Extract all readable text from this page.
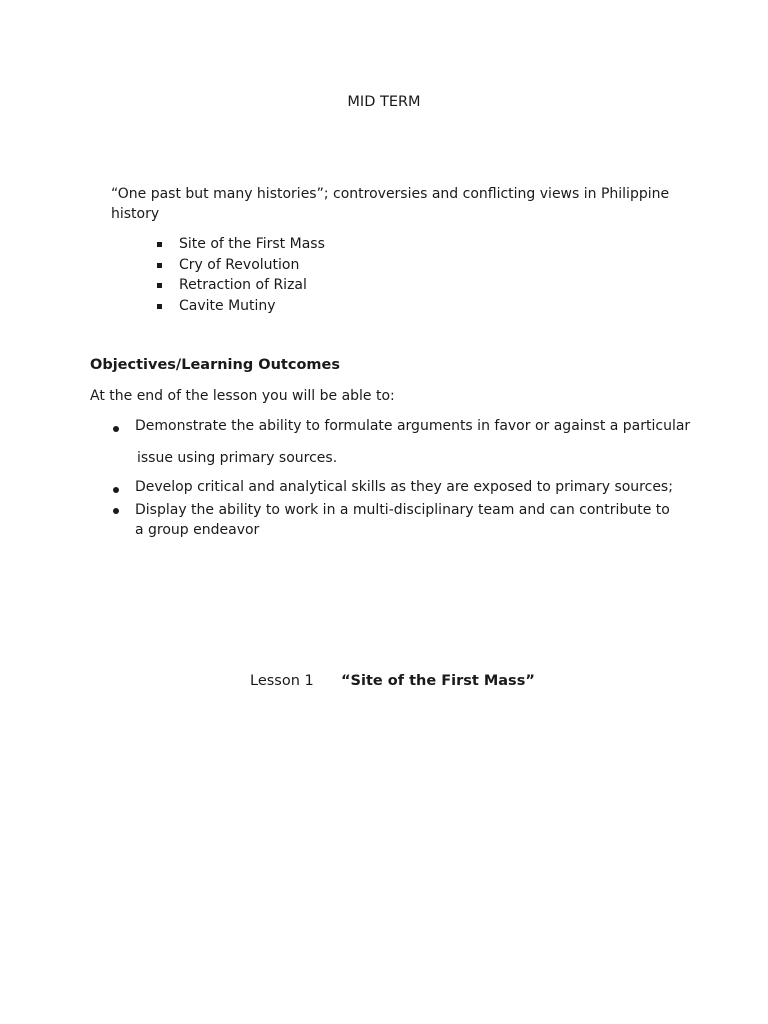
MID TERM
“One past but many histories”; controversies and conflicting views in Philippine history
Site of the First Mass
Cry of Revolution
Retraction of Rizal
Cavite Mutiny
Objectives/Learning Outcomes
At the end of the lesson you will be able to:
Demonstrate the ability to formulate arguments in favor or against a particular
issue using primary sources.
Develop critical and analytical skills as they are exposed to primary sources;
Display the ability to work in a multi-disciplinary team and can contribute to a group endeavor
Lesson 1 “Site of the First Mass”
